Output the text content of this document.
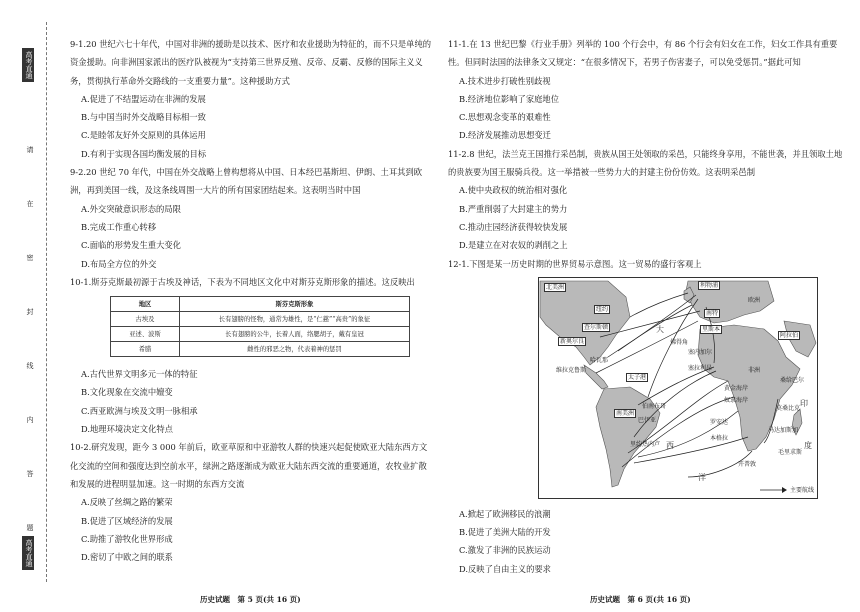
高考直通
请
在
密
封
线
内
答
题
高考直通

9-1.20 世纪六七十年代，中国对非洲的援助是以技术、医疗和农业援助为特征的，而不只是单纯的资金援助。向非洲国家派出的医疗队被视为“支持第三世界反殖、反帝、反霸、反修的国际主义义务，贯彻执行革命外交路线的一支重要力量”。这种援助方式

A.促进了不结盟运动在非洲的发展

B.与中国当时外交战略目标相一致

C.是睦邻友好外交原则的具体运用

D.有利于实现各国均衡发展的目标

9-2.20 世纪 70 年代，中国在外交战略上曾构想将从中国、日本经巴基斯坦、伊朗、土耳其到欧洲，再到美国一线，及这条线周围一大片的所有国家团结起来。这表明当时中国

A.外交突破意识形态的局限

B.完成工作重心转移

C.面临的形势发生重大变化

D.布局全方位的外交

10-1.斯芬克斯最初源于古埃及神话，下表为不同地区文化中对斯芬克斯形象的描述。这反映出

地区	斯芬克斯形象
古埃及	长有翅膀的怪物，通常为雄性，是“仁慈”“高贵”的象征
亚述、波斯	长有翅膀的公牛，长着人面，络腮胡子，戴有皇冠
希腊	雌性的邪恶之物，代表着神的惩罚

A.古代世界文明多元一体的特征

B.文化现象在交流中嬗变

C.西亚欧洲与埃及文明一脉相承

D.地理环境决定文化特点

10-2.研究发现，距今 3 000 年前后，欧亚草原和中亚游牧人群的快速兴起促使欧亚大陆东西方文化交流的空间和强度达到空前水平，绿洲之路逐渐成为欧亚大陆东西交流的重要通道，农牧业扩散和发展的进程明显加速。这一时期的东西方交流

A.反映了丝绸之路的繁荣

B.促进了区域经济的发展

C.助推了游牧化世界形成

D.密切了中欧之间的联系

11-1.在 13 世纪巴黎《行业手册》列举的 100 个行会中，有 86 个行会有妇女在工作，妇女工作具有重要性。但同时法国的法律条文又规定：“在很多情况下，若男子伤害妻子，可以免受惩罚。”据此可知

A.技术进步打破性别歧视

B.经济地位影响了家庭地位

C.思想观念变革的艰难性

D.经济发展推动思想变迁

11-2.8 世纪，法兰克王国推行采邑制，贵族从国王处领取的采邑，只能终身享用，不能世袭，并且领取土地的贵族要为国王服骑兵役。这一举措被一些势力大的封建主份份仿效。这表明采邑制

A.使中央政权的统治相对强化

B.严重削弱了大封建主的势力

C.推动庄园经济获得较快发展

D.是建立在对农奴的剥削之上

12-1.下图是某一历史时期的世界贸易示意图。这一贸易的盛行客观上

北美洲
南美洲
欧洲
非洲
利物浦
南特
里斯本
纽约
查尔斯顿
新奥尔良
哈瓦那
维拉克鲁斯
太子港
塞内加尔
塞拉利昂
黄金海岸
佛得角
奴隶海岸
罗安达
本格拉
巴伊亚
伯南布哥
里约热内卢
开普敦
莫桑比克
桑给巴尔
马达加斯加
毛里求斯
阿拉伯
大
西
洋
印
度
主要航线

A.掀起了欧洲移民的浪潮

B.促进了美洲大陆的开发

C.激发了非洲的民族运动

D.反映了自由主义的要求

历史试题　第 5 页(共 16 页)	历史试题　第 6 页(共 16 页)
